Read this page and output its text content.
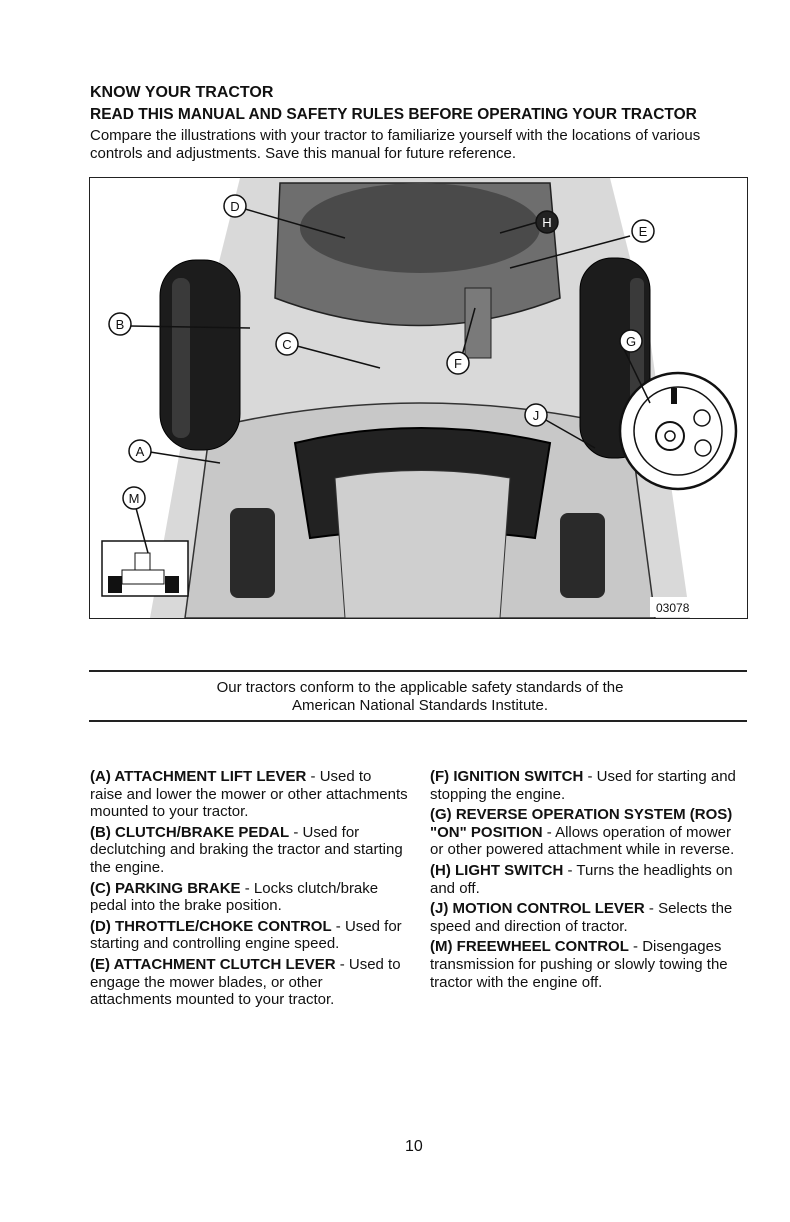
KNOW YOUR TRACTOR
READ THIS MANUAL AND SAFETY RULES BEFORE OPERATING YOUR TRACTOR
Compare the illustrations with your tractor to familiarize yourself with the locations of various controls and adjustments. Save this manual for future reference.
D
H
E
B
C	G
F
J
A
M
03078
Our tractors conform to the applicable safety standards of the
American National Standards Institute.

(A) ATTACHMENT LIFT LEVER - Used to raise and lower the mower or other attachments mounted to your tractor.

(B) CLUTCH/BRAKE PEDAL - Used for declutching and braking the tractor and starting the engine.

(C) PARKING BRAKE - Locks clutch/brake pedal into the brake position.

(D) THROTTLE/CHOKE CONTROL - Used for starting and controlling engine speed.

(E) ATTACHMENT CLUTCH LEVER - Used to engage the mower blades, or other attachments mounted to your tractor.

(F) IGNITION SWITCH - Used for starting and stopping the engine.

(G) REVERSE OPERATION SYSTEM (ROS) "ON" POSITION - Allows operation of mower or other powered attachment while in reverse.

(H) LIGHT SWITCH - Turns the headlights on and off.

(J) MOTION CONTROL LEVER - Selects the speed and direction of tractor.

(M) FREEWHEEL CONTROL - Disengages transmission for pushing or slowly towing the tractor with the engine off.

10
